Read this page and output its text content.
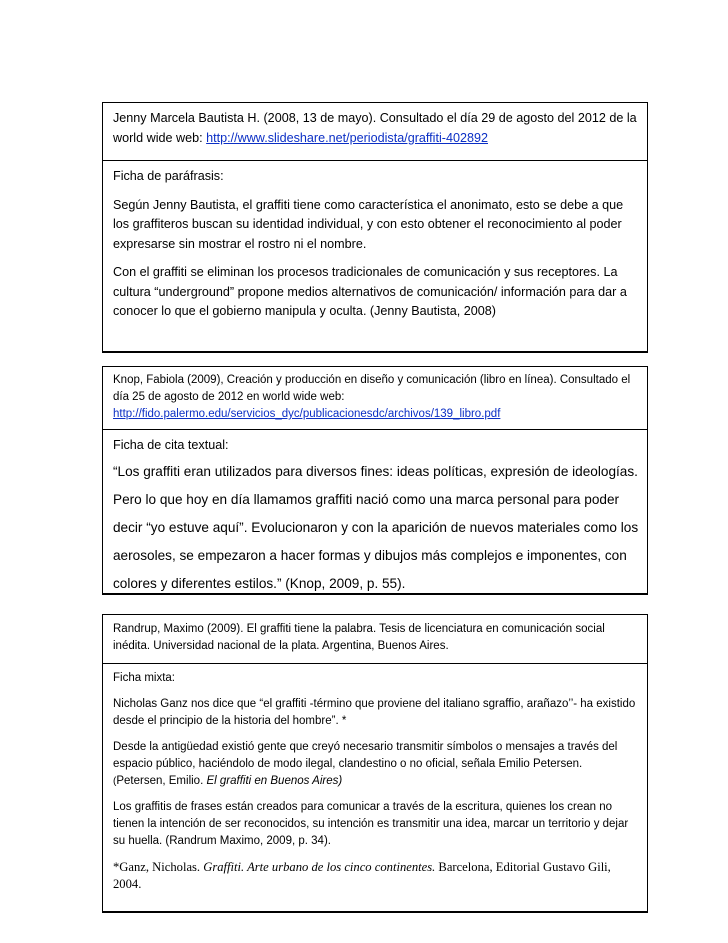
Jenny Marcela Bautista H. (2008, 13 de mayo). Consultado el día 29 de agosto del 2012 de la world wide web: http://www.slideshare.net/periodista/graffiti-402892

Ficha de paráfrasis:

Según Jenny Bautista, el graffiti tiene como característica el anonimato, esto se debe a que los graffiteros buscan su identidad individual, y con esto obtener el reconocimiento al poder expresarse sin mostrar el rostro ni el nombre.

Con el graffiti se eliminan los procesos tradicionales de comunicación y sus receptores. La cultura “underground” propone medios alternativos de comunicación/ información para dar a conocer lo que el gobierno manipula y oculta. (Jenny Bautista, 2008)

Knop, Fabiola (2009), Creación y producción en diseño y comunicación (libro en línea). Consultado el día 25 de agosto de 2012 en world wide web: http://fido.palermo.edu/servicios_dyc/publicacionesdc/archivos/139_libro.pdf

Ficha de cita textual:

“Los graffiti eran utilizados para diversos fines: ideas políticas, expresión de ideologías. Pero lo que hoy en día llamamos graffiti nació como una marca personal para poder decir “yo estuve aquí”. Evolucionaron y con la aparición de nuevos materiales como los aerosoles, se empezaron a hacer formas y dibujos más complejos e imponentes, con colores y diferentes estilos.” (Knop, 2009, p. 55).

Randrup, Maximo (2009). El graffiti tiene la palabra. Tesis de licenciatura en comunicación social inédita. Universidad nacional de la plata. Argentina, Buenos Aires.

Ficha mixta:

Nicholas Ganz nos dice que “el graffiti -término que proviene del italiano sgraffio, arañazo’’- ha existido desde el principio de la historia del hombre”. *

Desde la antigüedad existió gente que creyó necesario transmitir símbolos o mensajes a través del espacio público, haciéndolo de modo ilegal, clandestino o no oficial, señala Emilio Petersen.
(Petersen, Emilio. El graffiti en Buenos Aires)

Los graffitis de frases están creados para comunicar a través de la escritura, quienes los crean no tienen la intención de ser reconocidos, su intención es transmitir una idea, marcar un territorio y dejar su huella. (Randrum Maximo, 2009, p. 34).

*Ganz, Nicholas. Graffiti. Arte urbano de los cinco continentes. Barcelona, Editorial Gustavo Gili, 2004.
